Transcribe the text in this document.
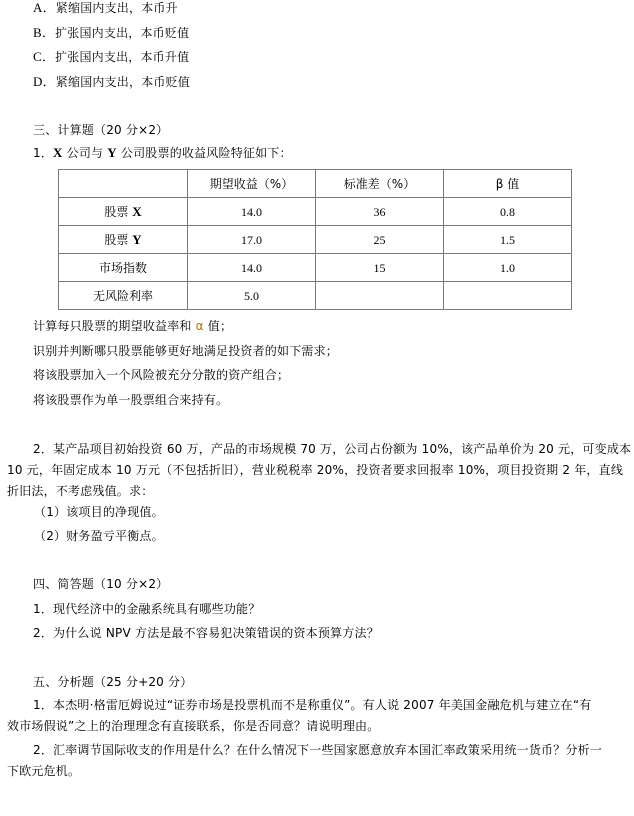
A．紧缩国内支出，本币升
B．扩张国内支出，本币贬值
C．扩张国内支出，本币升值
D．紧缩国内支出，本币贬值
三、计算题（20 分×2）
1．X 公司与 Y 公司股票的收益风险特征如下：
	期望收益（%）	标准差（%）	β 值
股票 X	14.0	36	0.8
股票 Y	17.0	25	1.5
市场指数	14.0	15	1.0
无风险利率	5.0		
计算每只股票的期望收益率和 α 值；
识别并判断哪只股票能够更好地满足投资者的如下需求；
将该股票加入一个风险被充分分散的资产组合；
将该股票作为单一股票组合来持有。
2．某产品项目初始投资 60 万，产品的市场规模 70 万，公司占份额为 10%，该产品单价为 20 元，可变成本
10 元，年固定成本 10 万元（不包括折旧），营业税税率 20%，投资者要求回报率 10%，项目投资期 2 年，直线
折旧法，不考虑残值。求：
（1）该项目的净现值。
（2）财务盈亏平衡点。
四、简答题（10 分×2）
1．现代经济中的金融系统具有哪些功能？
2．为什么说 NPV 方法是最不容易犯决策错误的资本预算方法？
五、分析题（25 分+20 分）
1．本杰明·格雷厄姆说过“证券市场是投票机而不是称重仪”。有人说 2007 年美国金融危机与建立在“有
效市场假说”之上的治理理念有直接联系，你是否同意？请说明理由。
2．汇率调节国际收支的作用是什么？在什么情况下一些国家愿意放弃本国汇率政策采用统一货币？分析一
下欧元危机。
